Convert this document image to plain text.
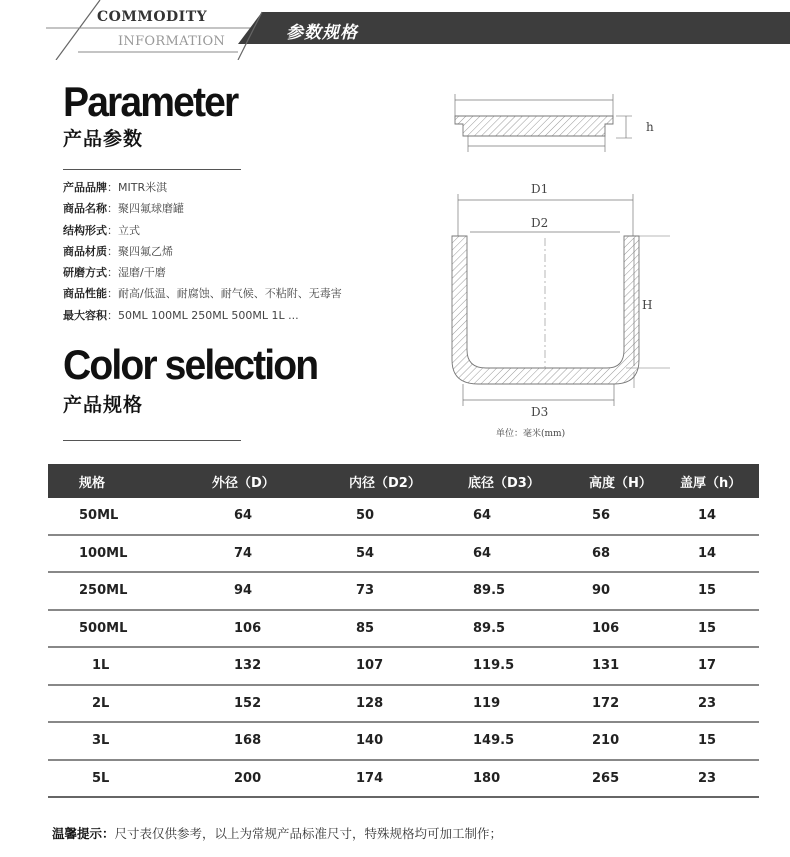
COMMODITY
INFORMATION	参数规格
Parameter
产品参数
产品品牌：MITR米淇
商品名称：聚四氟球磨罐
结构形式：立式
商品材质：聚四氟乙烯
研磨方式：湿磨/干磨
商品性能：耐高/低温、耐腐蚀、耐气候、不粘附、无毒害
最大容积：50ML 100ML 250ML 500ML 1L ...
Color selection
产品规格
h
D1
D2
H
D3
单位：毫米(mm)
规格	外径（D）	内径（D2）	底径（D3）	高度（H）	盖厚（h）
50ML	64	50	64	56	14
100ML	74	54	64	68	14
250ML	94	73	89.5	90	15
500ML	106	85	89.5	106	15
1L	132	107	119.5	131	17
2L	152	128	119	172	23
3L	168	140	149.5	210	15
5L	200	174	180	265	23
温馨提示：尺寸表仅供参考，以上为常规产品标准尺寸，特殊规格均可加工制作；
